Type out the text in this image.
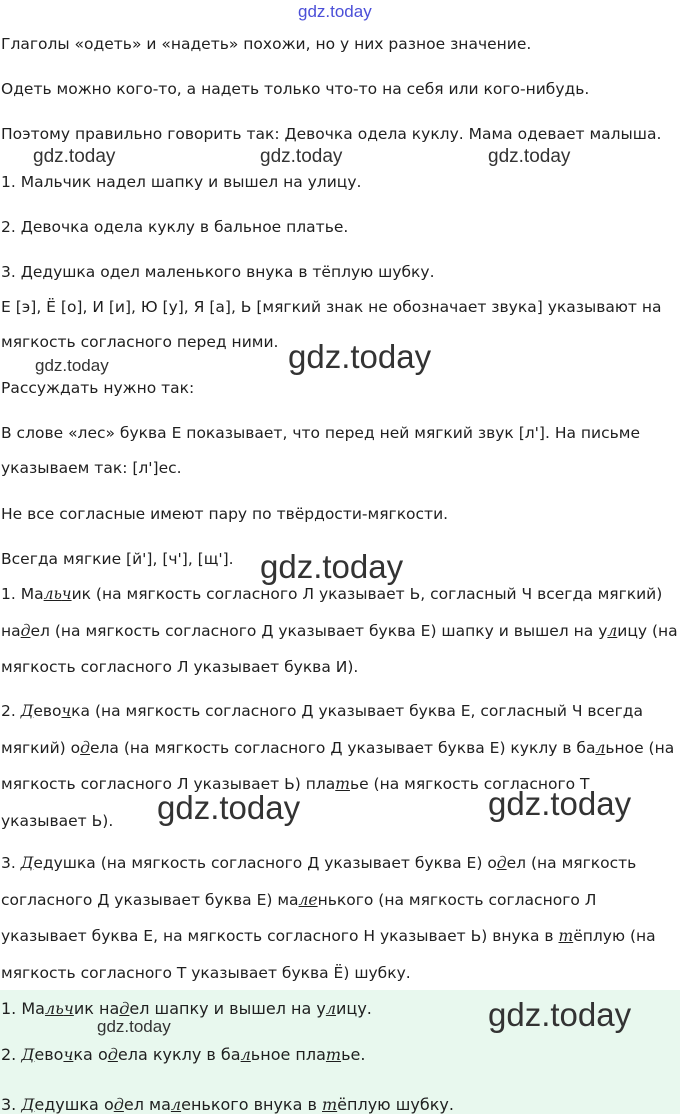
gdz.today
gdz.today	gdz.today	gdz.today
gdz.today	gdz.today
gdz.today
gdz.today	gdz.today

Глаголы «одеть» и «надеть» похожи, но у них разное значение.

Одеть можно кого-то, а надеть только что-то на себя или кого-нибудь.

Поэтому правильно говорить так: Девочка одела куклу. Мама одевает малыша.

1. Мальчик надел шапку и вышел на улицу.

2. Девочка одела куклу в бальное платье.

3. Дедушка одел маленького внука в тёплую шубку.

Е [э], Ё [о], И [и], Ю [у], Я [а], Ь [мягкий знак не обозначает звука] указывают на

мягкость согласного перед ними.

Рассуждать нужно так:

В слове «лес» буква Е показывает, что перед ней мягкий звук [л']. На письме

указываем так: [л']ес.

Не все согласные имеют пару по твёрдости-мягкости.

Всегда мягкие [й'], [ч'], [щ'].

1. Мальчик (на мягкость согласного Л указывает Ь, согласный Ч всегда мягкий) надел (на мягкость согласного Д указывает буква Е) шапку и вышел на улицу (на мягкость согласного Л указывает буква И).

2. Девочка (на мягкость согласного Д указывает буква Е, согласный Ч всегда мягкий) одела (на мягкость согласного Д указывает буква Е) куклу в бальное (на мягкость согласного Л указывает Ь) платье (на мягкость согласного Т указывает Ь).

3. Дедушка (на мягкость согласного Д указывает буква Е) одел (на мягкость согласного Д указывает буква Е) маленького (на мягкость согласного Л указывает буква Е, на мягкость согласного Н указывает Ь) внука в тёплую (на мягкость согласного Т указывает буква Ё) шубку.

1. Мальчик надел шапку и вышел на улицу.

2. Девочка одела куклу в бальное платье.

3. Дедушка одел маленького внука в тёплую шубку.

gdz.today	gdz.today
